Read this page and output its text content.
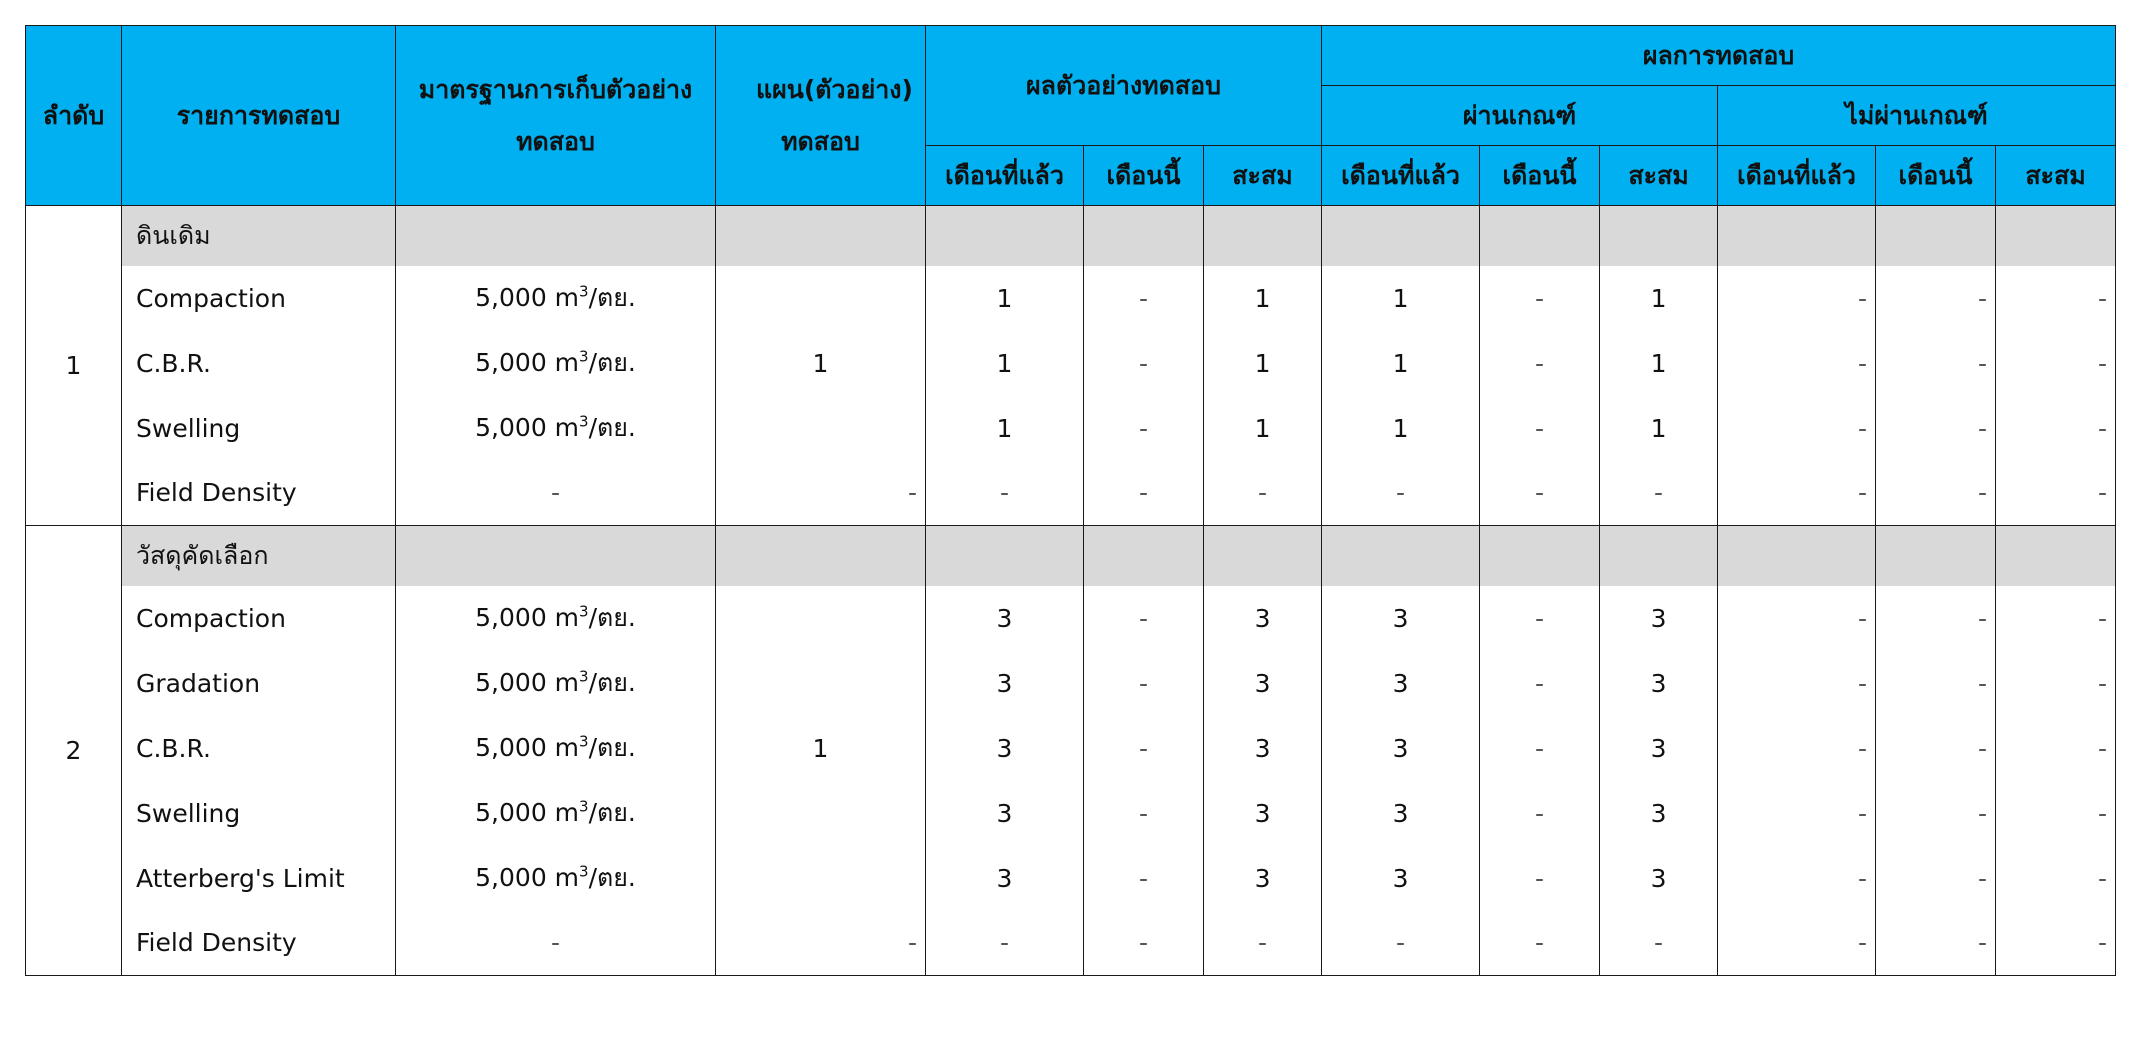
ลำดับ	รายการทดสอบ	มาตรฐานการเก็บตัวอย่าง ทดสอบ	แผน(ตัวอย่าง) ทดสอบ	ผลตัวอย่างทดสอบ			ผลการทดสอบ					
							ผ่านเกณฑ์			ไม่ผ่านเกณฑ์		
				เดือนที่แล้ว	เดือนนี้	สะสม	เดือนที่แล้ว	เดือนนี้	สะสม	เดือนที่แล้ว	เดือนนี้	สะสม
1	ดินเดิม											
	Compaction	5,000 $m^3/$ตย.	1	1	-	1	1	-	1	-	-	-
	C.B.R.	5,000 $m^3/$ตย.		1	-	1	1	-	1	-	-	-
	Swelling	5,000 $m^3/$ตย.		1	-	1	1	-	1	-	-	-
	Field Density	-	-	-	-	-	-	-	-	-	-	-
2	วัสดุคัดเลือก											
	Compaction	5,000 $m^3/$ตย.	1	3	-	3	3	-	3	-	-	-
	Gradation	5,000 $m^3/$ตย.		3	-	3	3	-	3	-	-	-
	C.B.R.	5,000 $m^3/$ตย.		3	-	3	3	-	3	-	-	-
	Swelling	5,000 $m^3/$ตย.		3	-	3	3	-	3	-	-	-
	Atterberg's Limit	5,000 $m^3/$ตย.		3	-	3	3	-	3	-	-	-
	Field Density	-	-	-	-	-	-	-	-	-	-	-
